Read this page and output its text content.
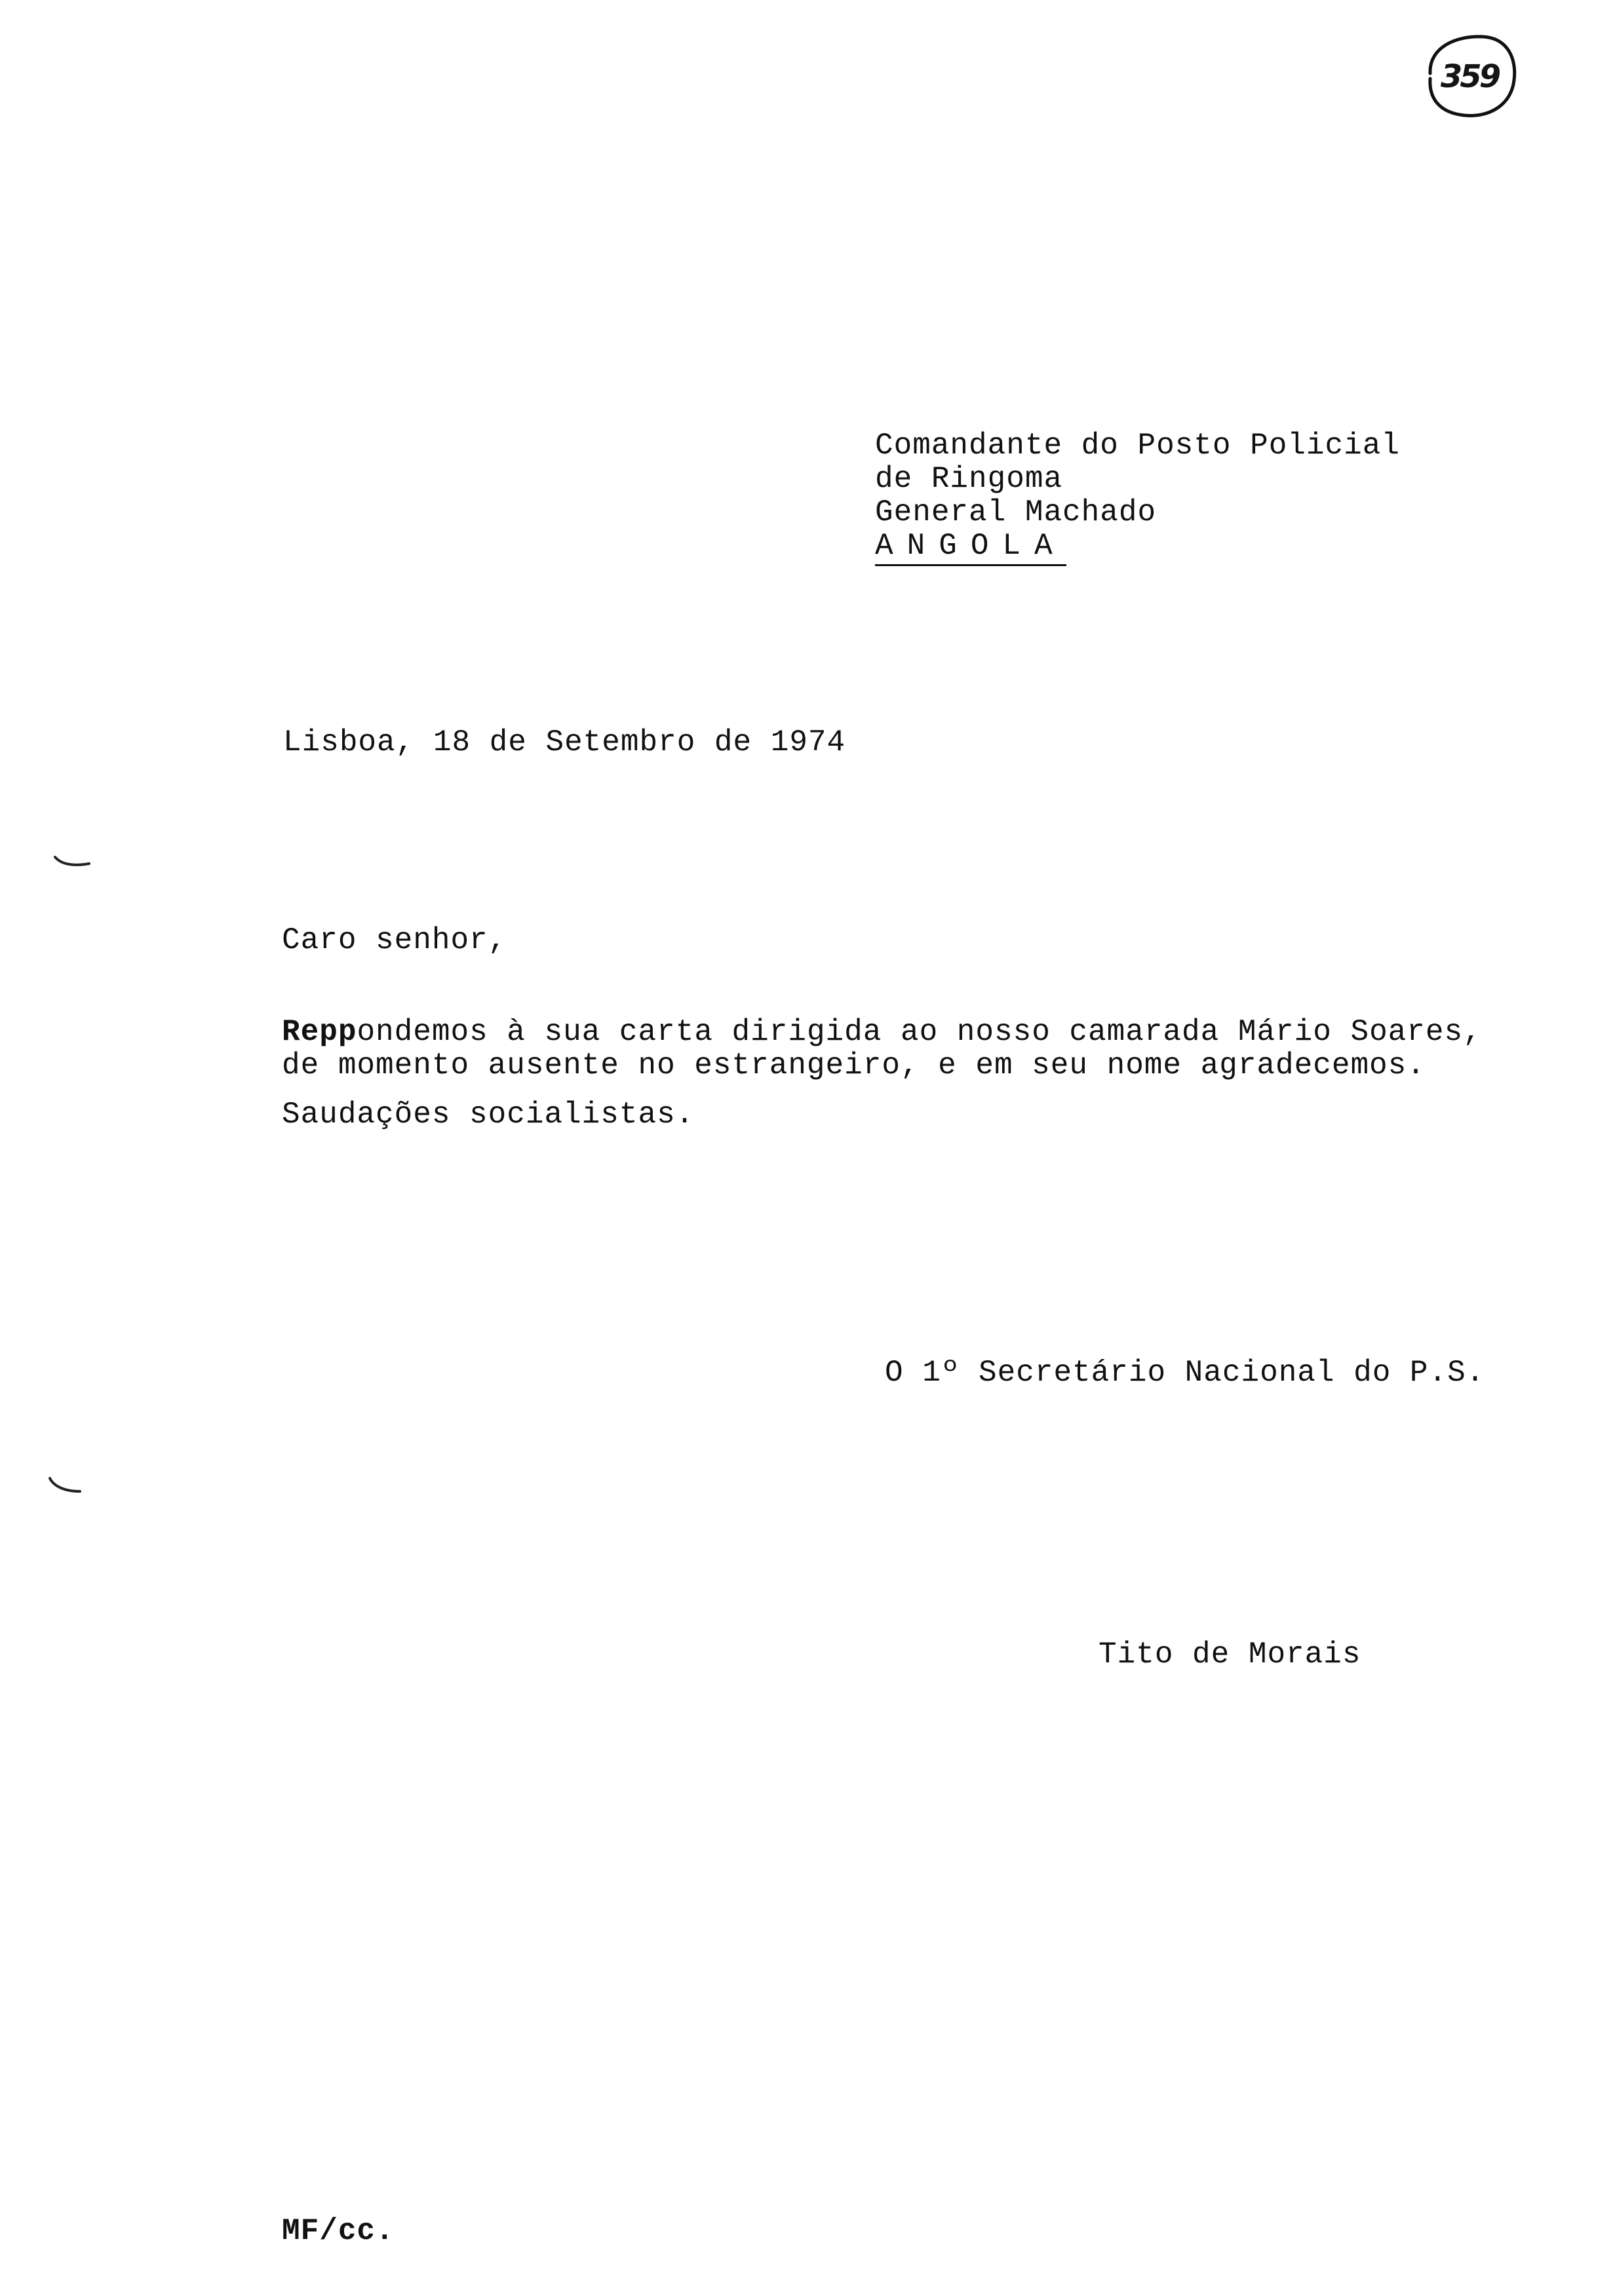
359
Comandante do Posto Policial
de Ringoma
General Machado
ANGOLA
Lisboa, 18 de Setembro de 1974
Caro senhor,
Reppondemos à sua carta dirigida ao nosso camarada Mário Soares,
de momento ausente no estrangeiro, e em seu nome agradecemos.
Saudações socialistas.
O 1º Secretário Nacional do P.S.
Tito de Morais
MF/cc.
